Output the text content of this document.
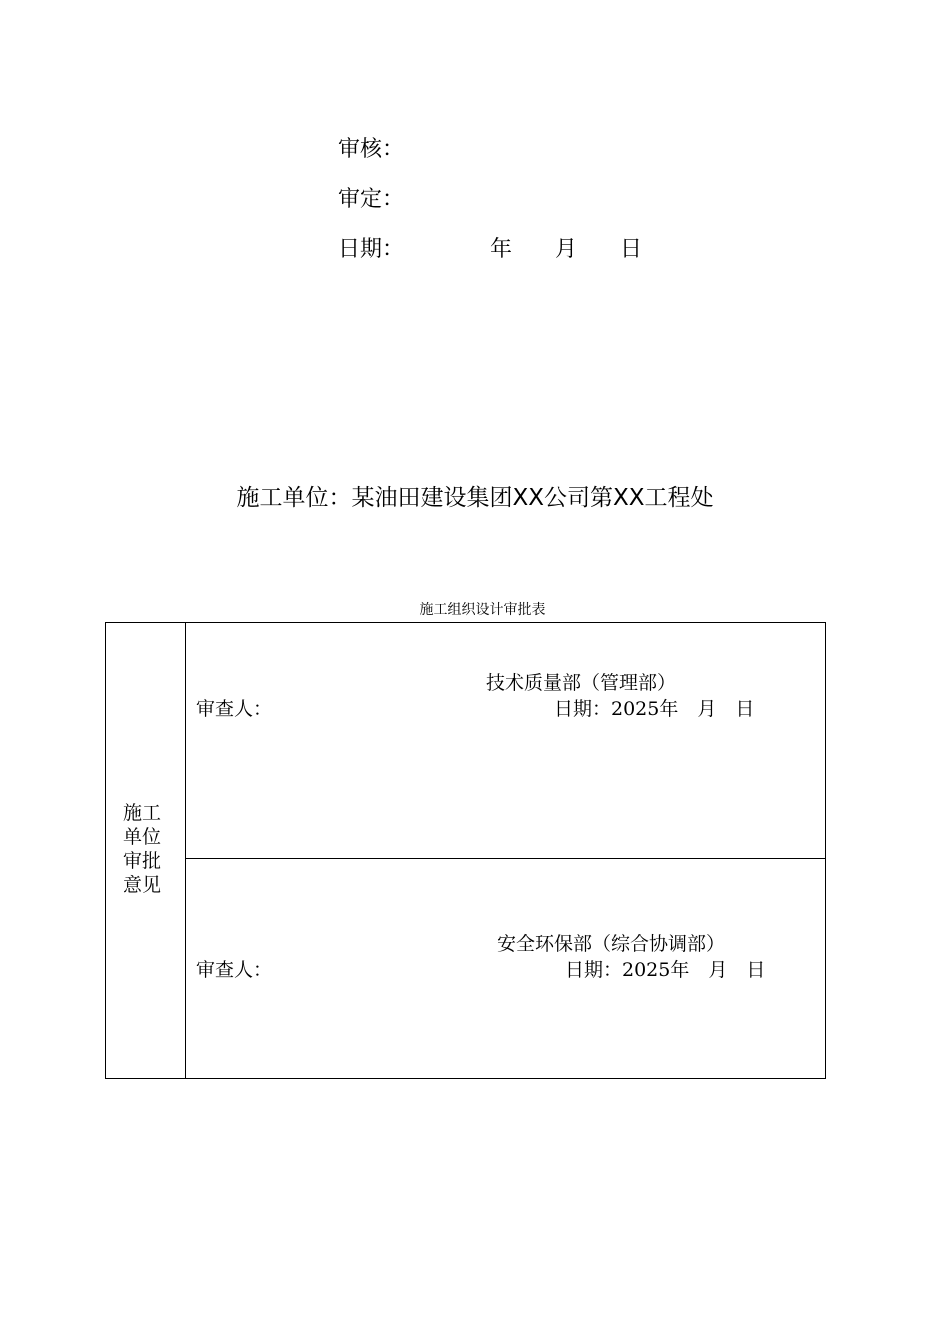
审核：
审定：
日期：	年 月 日
施工单位：某油田建设集团XX公司第XX工程处
施工组织设计审批表
施工单位审批意见
技术质量部（管理部）
审查人：	日期：2025年　月　日
安全环保部（综合协调部）
审查人：	日期：2025年　月　日
